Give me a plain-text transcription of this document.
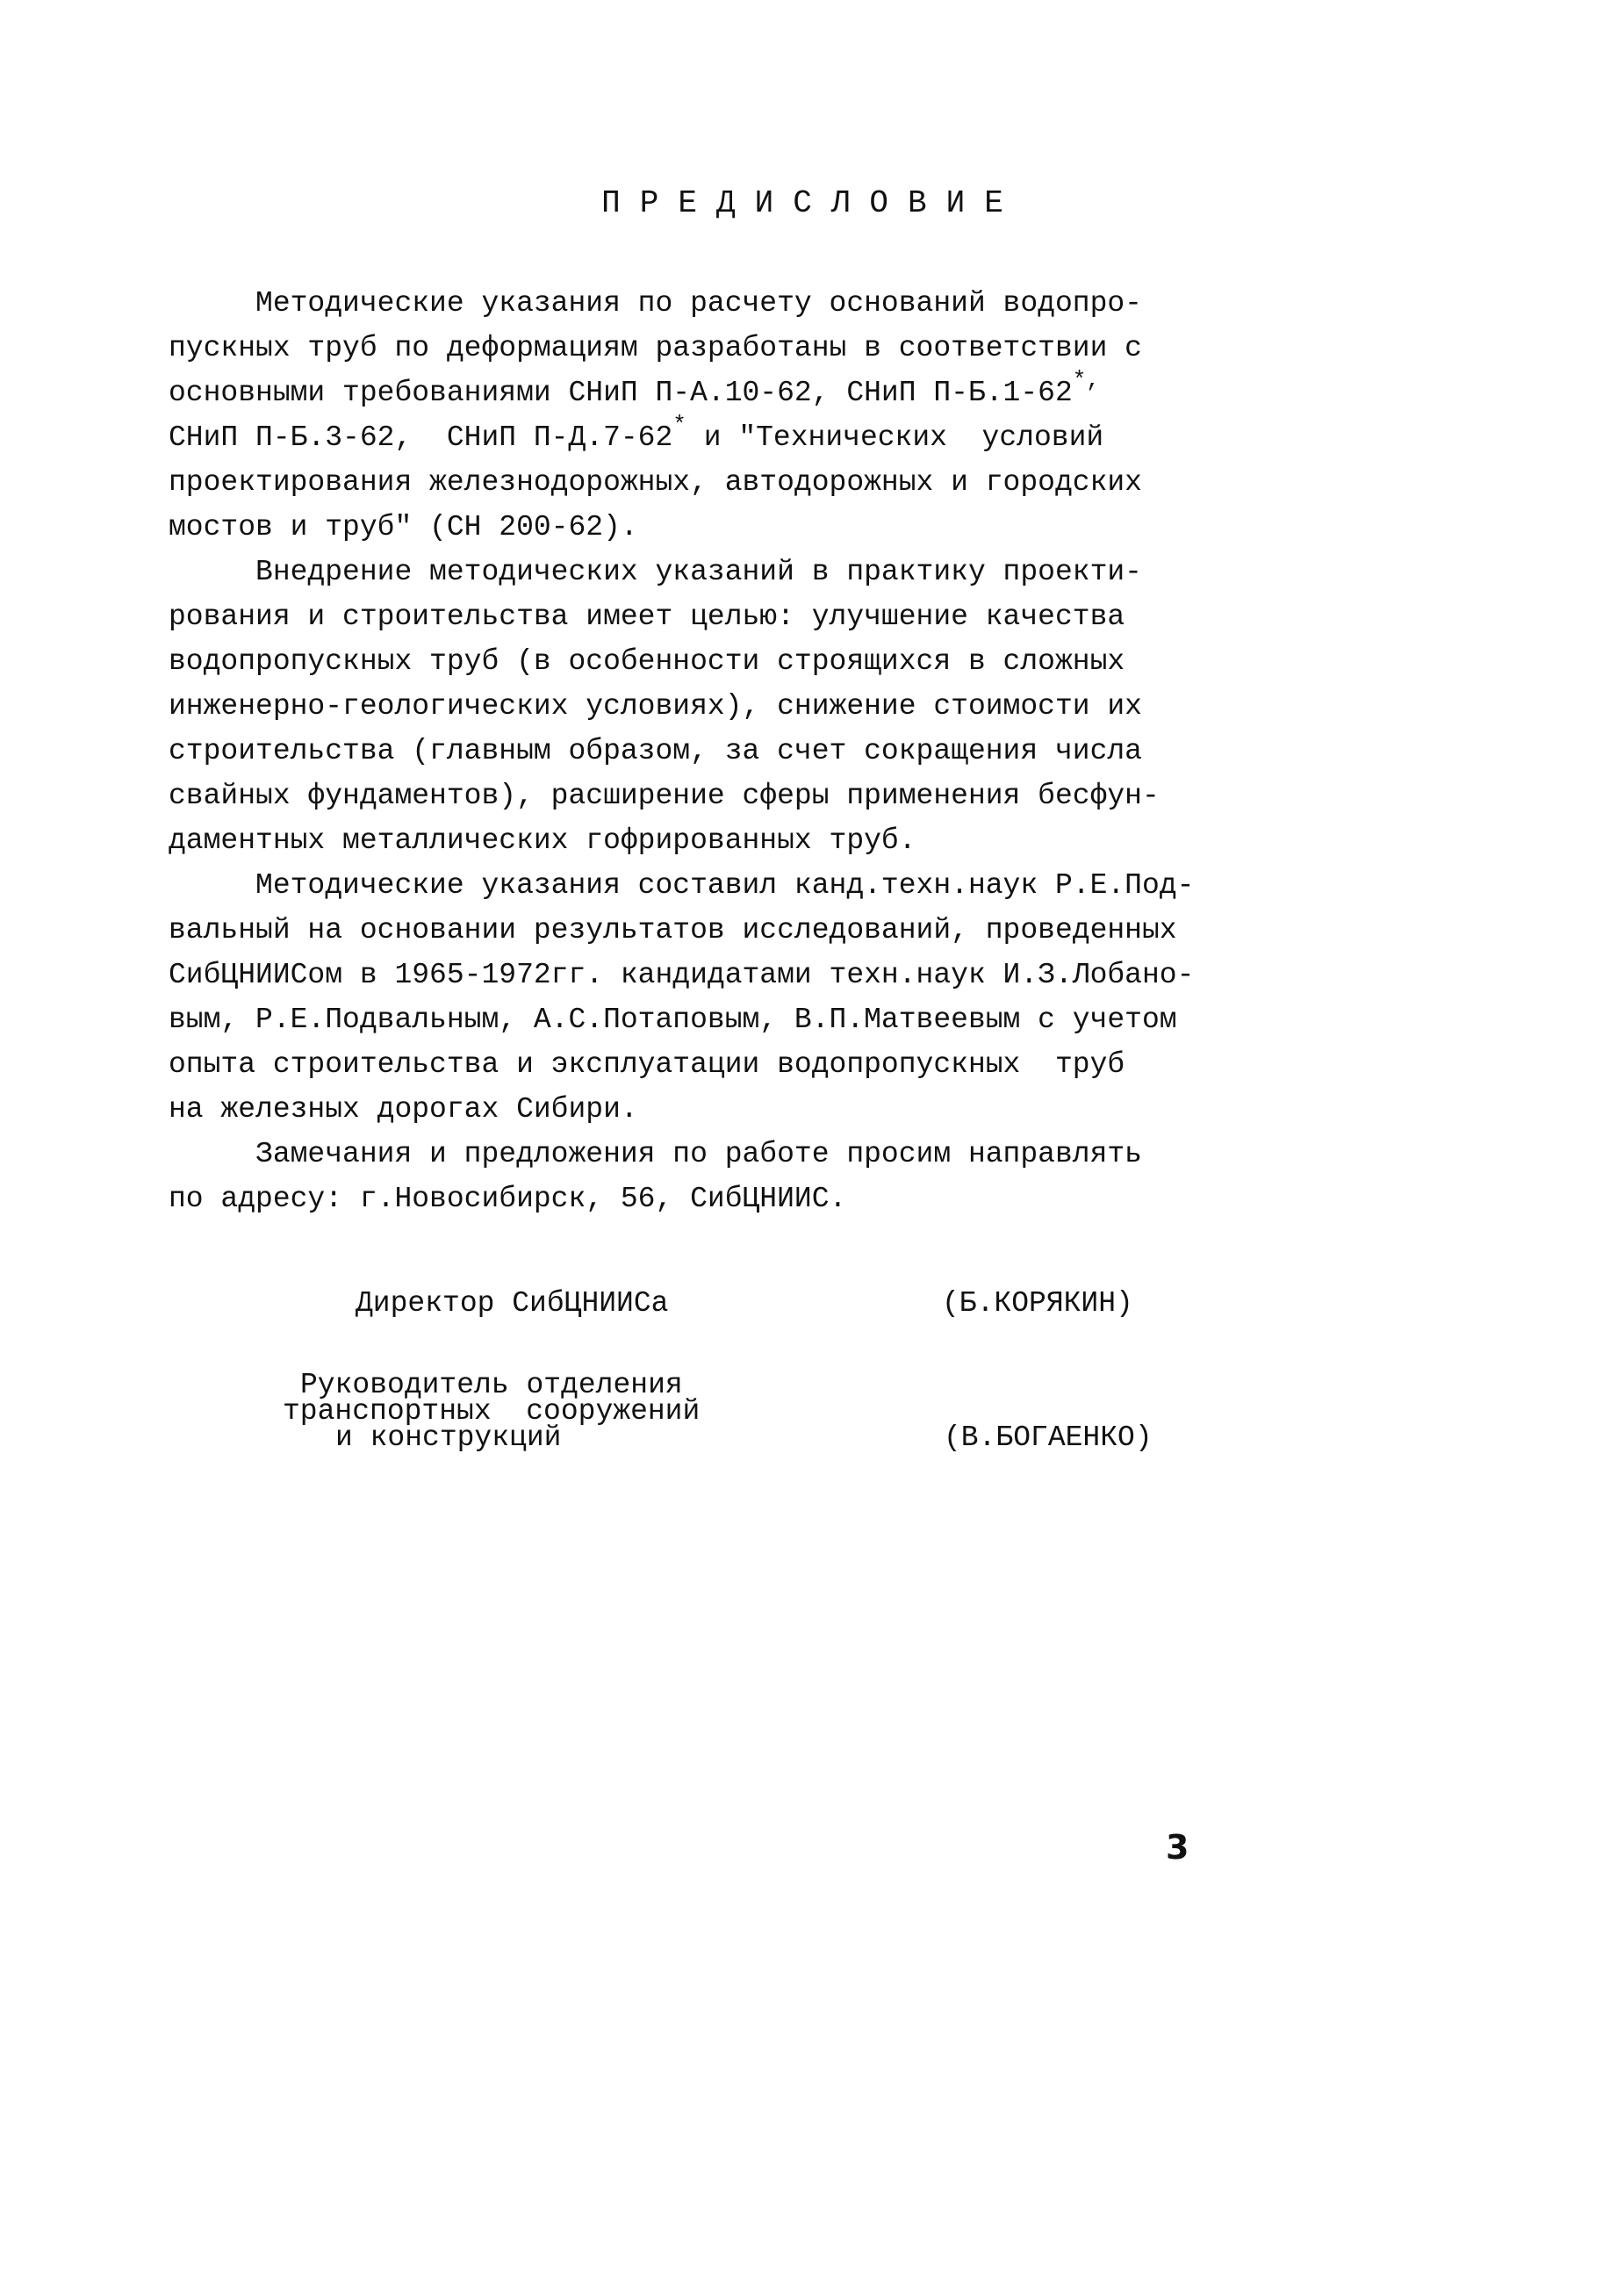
ПРЕДИСЛОВИЕ
Методические указания по расчету оснований водопро-
пускных труб по деформациям разработаны в соответствии с
основными требованиями СНиП П-А.10-62, СНиП П-Б.1-62*,
СНиП П-Б.3-62,  СНиП П-Д.7-62* и "Технических  условий
проектирования железнодорожных, автодорожных и городских
мостов и труб" (СН 200-62).
Внедрение методических указаний в практику проекти-
рования и строительства имеет целью: улучшение качества
водопропускных труб (в особенности строящихся в сложных
инженерно-геологических условиях), снижение стоимости их
строительства (главным образом, за счет сокращения числа
свайных фундаментов), расширение сферы применения бесфун-
даментных металлических гофрированных труб.
Методические указания составил канд.техн.наук Р.Е.Под-
вальный на основании результатов исследований, проведенных
СибЦНИИСом в 1965-1972гг. кандидатами техн.наук И.З.Лобано-
вым, Р.Е.Подвальным, А.С.Потаповым, В.П.Матвеевым с учетом
опыта строительства и эксплуатации водопропускных  труб
на железных дорогах Сибири.
Замечания и предложения по работе просим направлять
по адресу: г.Новосибирск, 56, СибЦНИИС.
Директор СибЦНИИСа	(Б.КОРЯКИН)
Руководитель отделения
транспортных  сооружений
и конструкций	(В.БОГАЕНКО)
3
